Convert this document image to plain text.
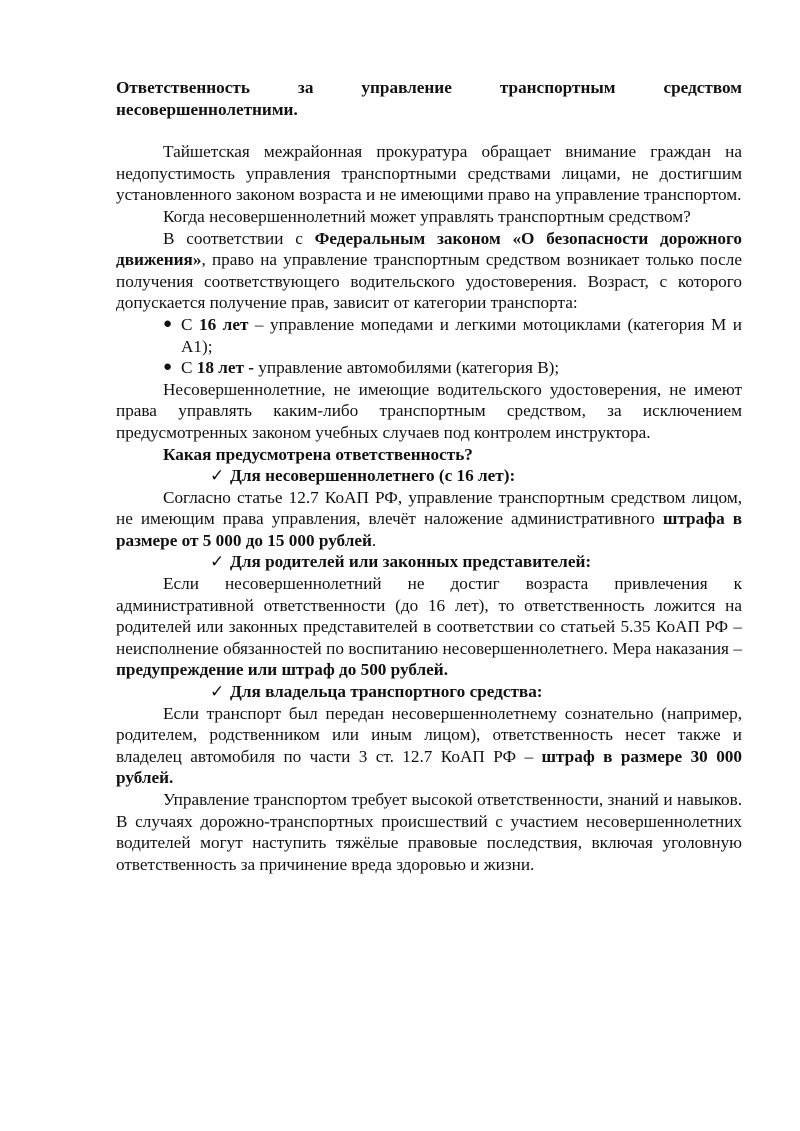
Ответственность за управление транспортным средством

несовершеннолетними.

Тайшетская межрайонная прокуратура обращает внимание граждан на недопустимость управления транспортными средствами лицами, не достигшим установленного законом возраста и не имеющими право на управление транспортом.

Когда несовершеннолетний может управлять транспортным средством?

В соответствии с Федеральным законом «О безопасности дорожного движения», право на управление транспортным средством возникает только после получения соответствующего водительского удостоверения. Возраст, с которого допускается получение прав, зависит от категории транспорта:

● С 16 лет – управление мопедами и легкими мотоциклами (категория М и А1);
● С 18 лет - управление автомобилями (категория В);

Несовершеннолетние, не имеющие водительского удостоверения, не имеют права управлять каким-либо транспортным средством, за исключением предусмотренных законом учебных случаев под контролем инструктора.

Какая предусмотрена ответственность?

✓ Для несовершеннолетнего (с 16 лет):

Согласно статье 12.7 КоАП РФ, управление транспортным средством лицом, не имеющим права управления, влечёт наложение административного штрафа в размере от 5 000 до 15 000 рублей.

✓ Для родителей или законных представителей:

Если несовершеннолетний не достиг возраста привлечения к административной ответственности (до 16 лет), то ответственность ложится на родителей или законных представителей в соответствии со статьей 5.35 КоАП РФ – неисполнение обязанностей по воспитанию несовершеннолетнего. Мера наказания – предупреждение или штраф до 500 рублей.

✓ Для владельца транспортного средства:

Если транспорт был передан несовершеннолетнему сознательно (например, родителем, родственником или иным лицом), ответственность несет также и владелец автомобиля по части 3 ст. 12.7 КоАП РФ – штраф в размере 30 000 рублей.

Управление транспортом требует высокой ответственности, знаний и навыков. В случаях дорожно-транспортных происшествий с участием несовершеннолетних водителей могут наступить тяжёлые правовые последствия, включая уголовную ответственность за причинение вреда здоровью и жизни.
